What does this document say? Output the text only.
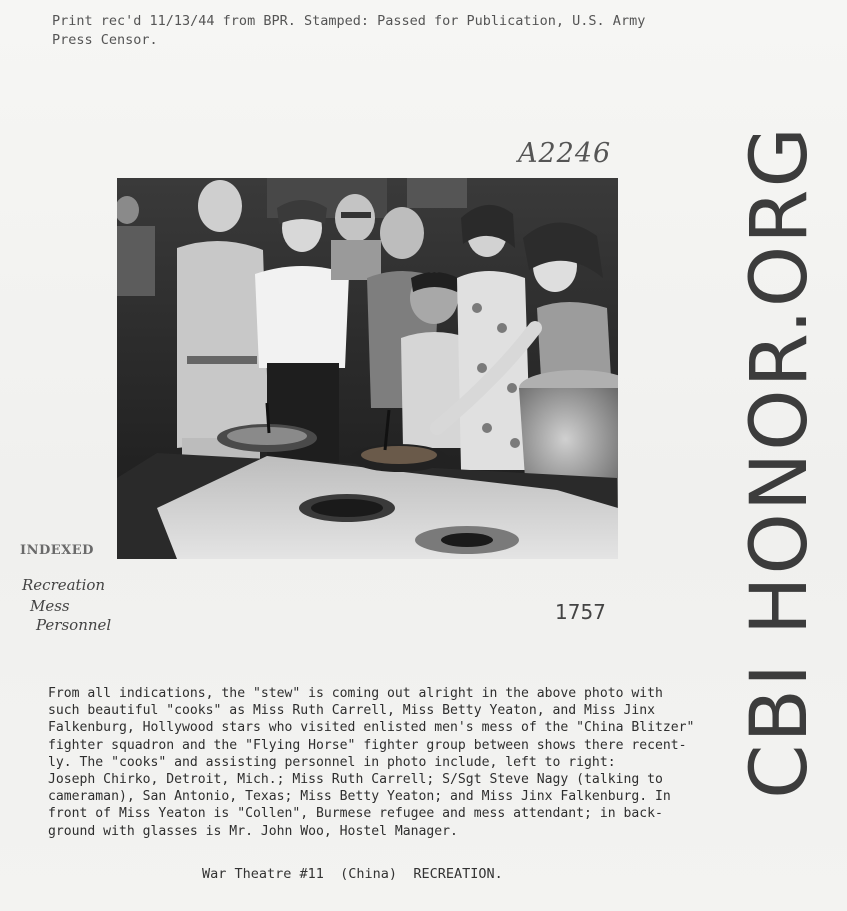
Print rec'd 11/13/44 from BPR. Stamped: Passed for Publication, U.S. Army
Press Censor.
A2246
INDEXED
Recreation
Mess
Personnel
1757
From all indications, the "stew" is coming out alright in the above photo with
such beautiful "cooks" as Miss Ruth Carrell, Miss Betty Yeaton, and Miss Jinx
Falkenburg, Hollywood stars who visited enlisted men's mess of the "China Blitzer"
fighter squadron and the "Flying Horse" fighter group between shows there recent-
ly. The "cooks" and assisting personnel in photo include, left to right:
Joseph Chirko, Detroit, Mich.; Miss Ruth Carrell; S/Sgt Steve Nagy (talking to
cameraman), San Antonio, Texas; Miss Betty Yeaton; and Miss Jinx Falkenburg. In
front of Miss Yeaton is "Collen", Burmese refugee and mess attendant; in back-
ground with glasses is Mr. John Woo, Hostel Manager.
War Theatre #11  (China)  RECREATION.
CBI HONOR.ORG
